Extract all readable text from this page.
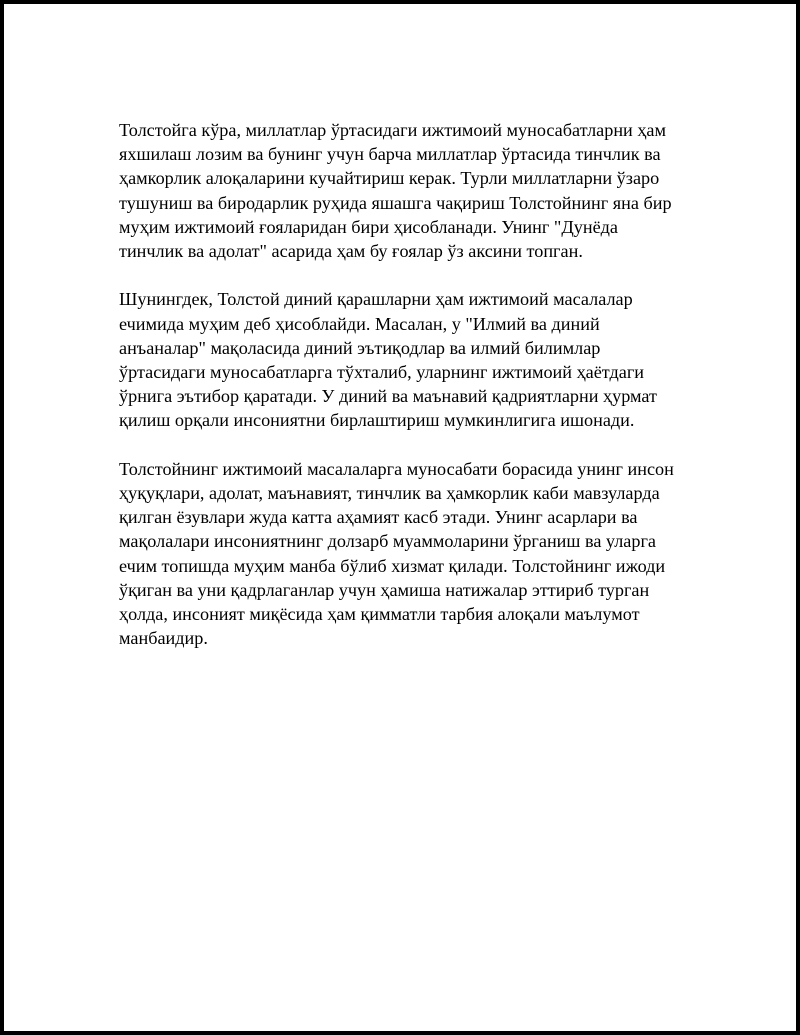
Толстойга кўра, миллатлар ўртасидаги ижтимоий муносабатларни ҳам
яхшилаш лозим ва бунинг учун барча миллатлар ўртасида тинчлик ва
ҳамкорлик алоқаларини кучайтириш керак. Турли миллатларни ўзаро
тушуниш ва биродарлик руҳида яшашга чақириш Толстойнинг яна бир
муҳим ижтимоий ғояларидан бири ҳисобланади. Унинг "Дунёда
тинчлик ва адолат" асарида ҳам бу ғоялар ўз аксини топган.

Шунингдек, Толстой диний қарашларни ҳам ижтимоий масалалар
ечимида муҳим деб ҳисоблайди. Масалан, у "Илмий ва диний
анъаналар" мақоласида диний эътиқодлар ва илмий билимлар
ўртасидаги муносабатларга тўхталиб, уларнинг ижтимоий ҳаётдаги
ўрнига эътибор қаратади. У диний ва маънавий қадриятларни ҳурмат
қилиш орқали инсониятни бирлаштириш мумкинлигига ишонади.

Толстойнинг ижтимоий масалаларга муносабати борасида унинг инсон
ҳуқуқлари, адолат, маънавият, тинчлик ва ҳамкорлик каби мавзуларда
қилган ёзувлари жуда катта аҳамият касб этади. Унинг асарлари ва
мақолалари инсониятнинг долзарб муаммоларини ўрганиш ва уларга
ечим топишда муҳим манба бўлиб хизмат қилади. Толстойнинг ижоди
ўқиган ва уни қадрлаганлар учун ҳамиша натижалар эттириб турган
ҳолда, инсоният миқёсида ҳам қимматли тарбия алоқали маълумот
манбаидир.
